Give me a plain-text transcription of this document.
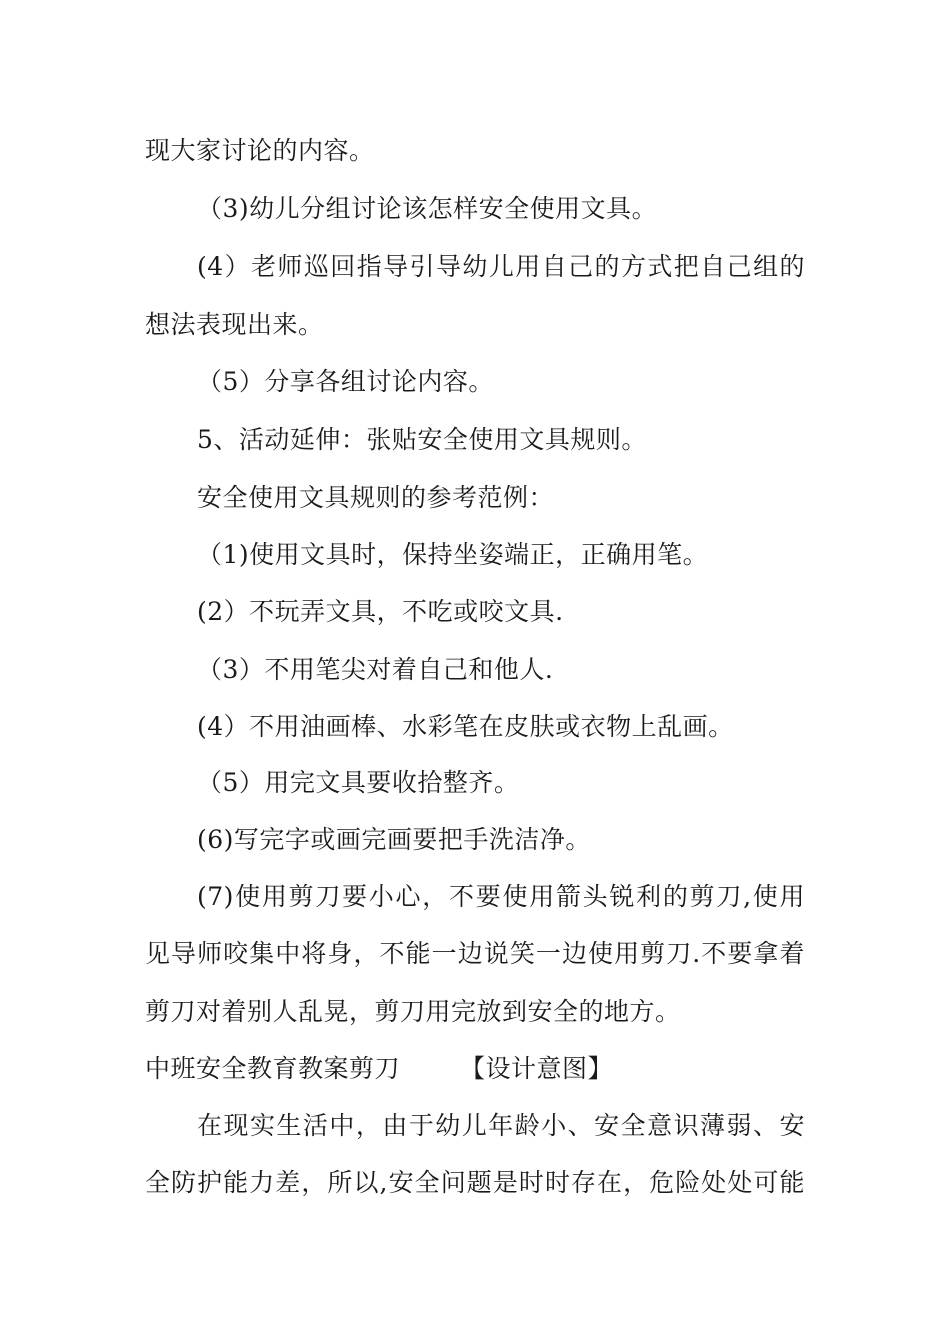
现大家讨论的内容。
（3)幼儿分组讨论该怎样安全使用文具。
(4）老师巡回指导引导幼儿用自己的方式把自己组的
想法表现出来。
（5）分享各组讨论内容。
5、活动延伸：张贴安全使用文具规则。
安全使用文具规则的参考范例：
（1)使用文具时，保持坐姿端正，正确用笔。
(2）不玩弄文具，不吃或咬文具.
（3）不用笔尖对着自己和他人.
(4）不用油画棒、水彩笔在皮肤或衣物上乱画。
（5）用完文具要收拾整齐。
(6)写完字或画完画要把手洗洁净。
(7)使用剪刀要小心，不要使用箭头锐利的剪刀,使用
见导师咬集中将身，不能一边说笑一边使用剪刀.不要拿着
剪刀对着别人乱晃，剪刀用完放到安全的地方。
中班安全教育教案剪刀 【设计意图】
在现实生活中，由于幼儿年龄小、安全意识薄弱、安
全防护能力差，所以,安全问题是时时存在，危险处处可能
